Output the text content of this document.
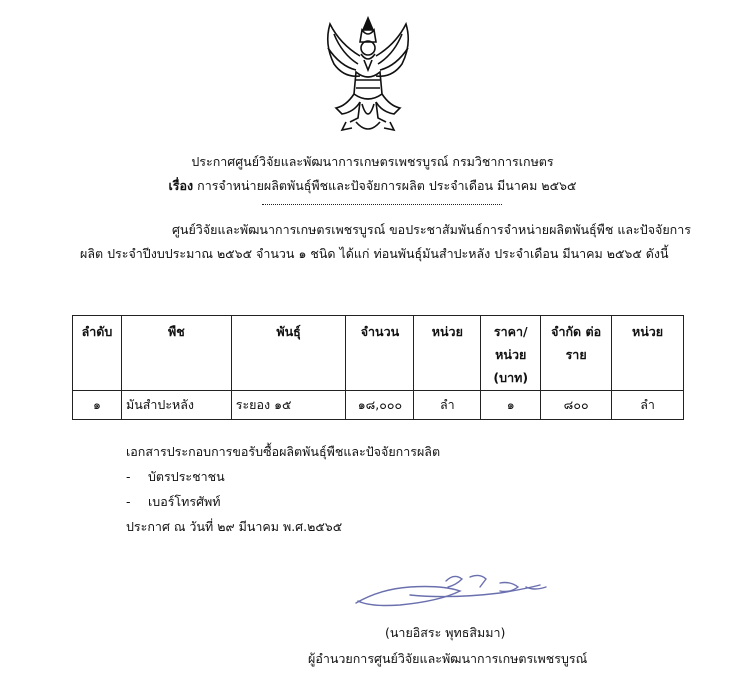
ประกาศศูนย์วิจัยและพัฒนาการเกษตรเพชรบูรณ์ กรมวิชาการเกษตร
เรื่อง การจำหน่ายผลิตพันธุ์พืชและปัจจัยการผลิต ประจำเดือน มีนาคม ๒๕๖๕
ศูนย์วิจัยและพัฒนาการเกษตรเพชรบูรณ์ ขอประชาสัมพันธ์การจำหน่ายผลิตพันธุ์พืช และปัจจัยการผลิต ประจำปีงบประมาณ ๒๕๖๕ จำนวน ๑ ชนิด ได้แก่ ท่อนพันธุ์มันสำปะหลัง ประจำเดือน มีนาคม ๒๕๖๕ ดังนี้
ลำดับ	พืช	พันธุ์	จำนวน	หน่วย	ราคา/ หน่วย (บาท)	จำกัด ต่อราย	หน่วย
๑	มันสำปะหลัง	ระยอง ๑๕	๑๘,๐๐๐	ลำ	๑	๘๐๐	ลำ
เอกสารประกอบการขอรับซื้อผลิตพันธุ์พืชและปัจจัยการผลิต
- บัตรประชาชน
- เบอร์โทรศัพท์
ประกาศ ณ วันที่ ๒๙ มีนาคม พ.ศ.๒๕๖๕
(นายอิสระ พุทธสิมมา)
ผู้อำนวยการศูนย์วิจัยและพัฒนาการเกษตรเพชรบูรณ์
